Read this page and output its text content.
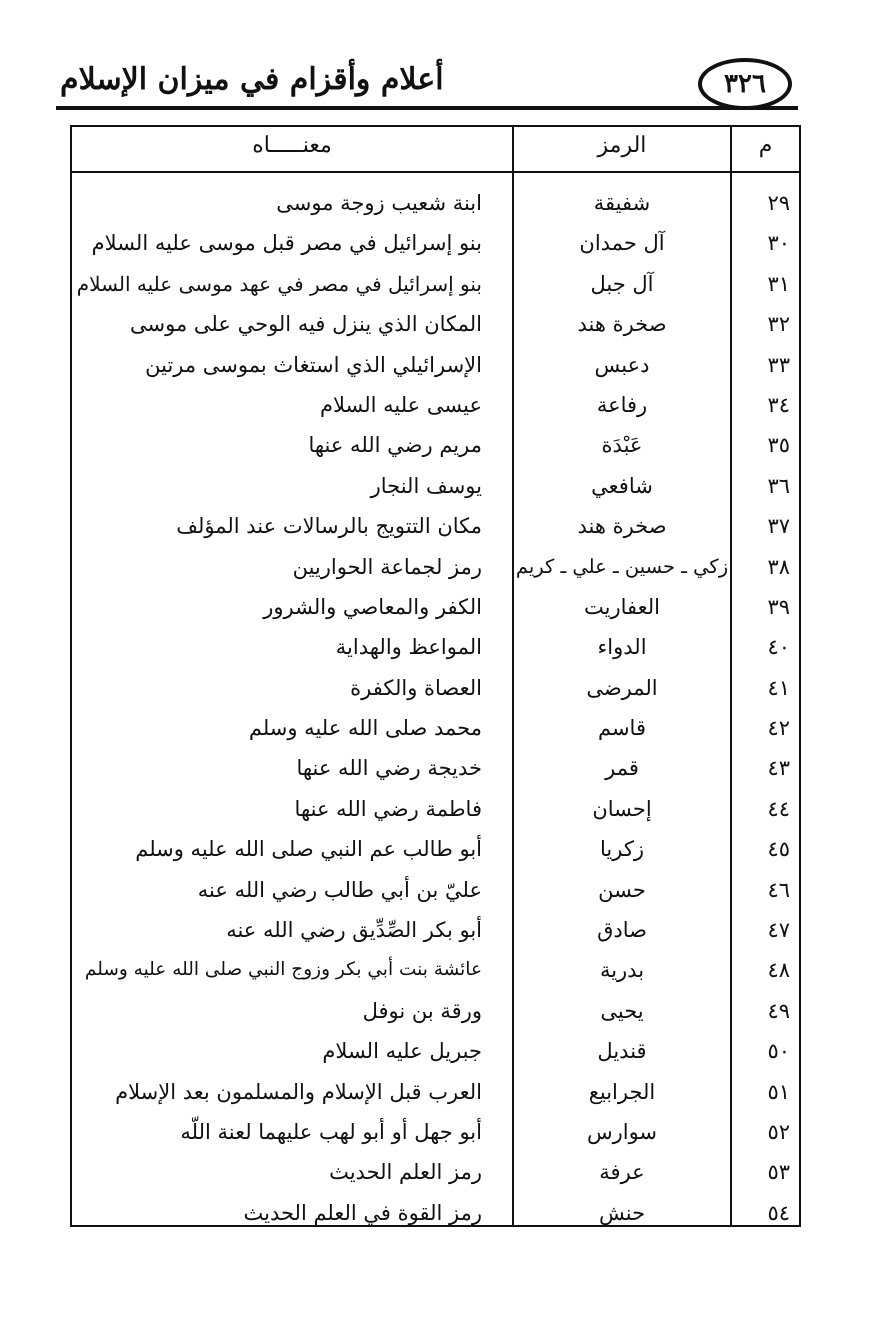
أعلام وأقزام في ميزان الإسلام	٣٢٦
م
الرمز
معنـــــاه
٢٩
شفيقة
ابنة شعيب زوجة موسى
٣٠
آل حمدان
بنو إسرائيل في مصر قبل موسى عليه السلام
٣١
آل جبل
بنو إسرائيل في مصر في عهد موسى عليه السلام
٣٢
صخرة هند
المكان الذي ينزل فيه الوحي على موسى
٣٣
دعبس
الإسرائيلي الذي استغاث بموسى مرتين
٣٤
رفاعة
عيسى عليه السلام
٣٥
عَبْدَة
مريم رضي الله عنها
٣٦
شافعي
يوسف النجار
٣٧
صخرة هند
مكان التتويج بالرسالات عند المؤلف
٣٨
زكي ـ حسين ـ علي ـ كريم
رمز لجماعة الحواريين
٣٩
العفاريت
الكفر والمعاصي والشرور
٤٠
الدواء
المواعظ والهداية
٤١
المرضى
العصاة والكفرة
٤٢
قاسم
محمد صلى الله عليه وسلم
٤٣
قمر
خديجة رضي الله عنها
٤٤
إحسان
فاطمة رضي الله عنها
٤٥
زكريا
أبو طالب عم النبي صلى الله عليه وسلم
٤٦
حسن
عليّ بن أبي طالب رضي الله عنه
٤٧
صادق
أبو بكر الصِّدِّيق رضي الله عنه
٤٨
بدرية
عائشة بنت أبي بكر وزوج النبي صلى الله عليه وسلم
٤٩
يحيى
ورقة بن نوفل
٥٠
قنديل
جبريل عليه السلام
٥١
الجرابيع
العرب قبل الإسلام والمسلمون بعد الإسلام
٥٢
سوارس
أبو جهل أو أبو لهب عليهما لعنة اللّه
٥٣
عرفة
رمز العلم الحديث
٥٤
حنش
رمز القوة في العلم الحديث
